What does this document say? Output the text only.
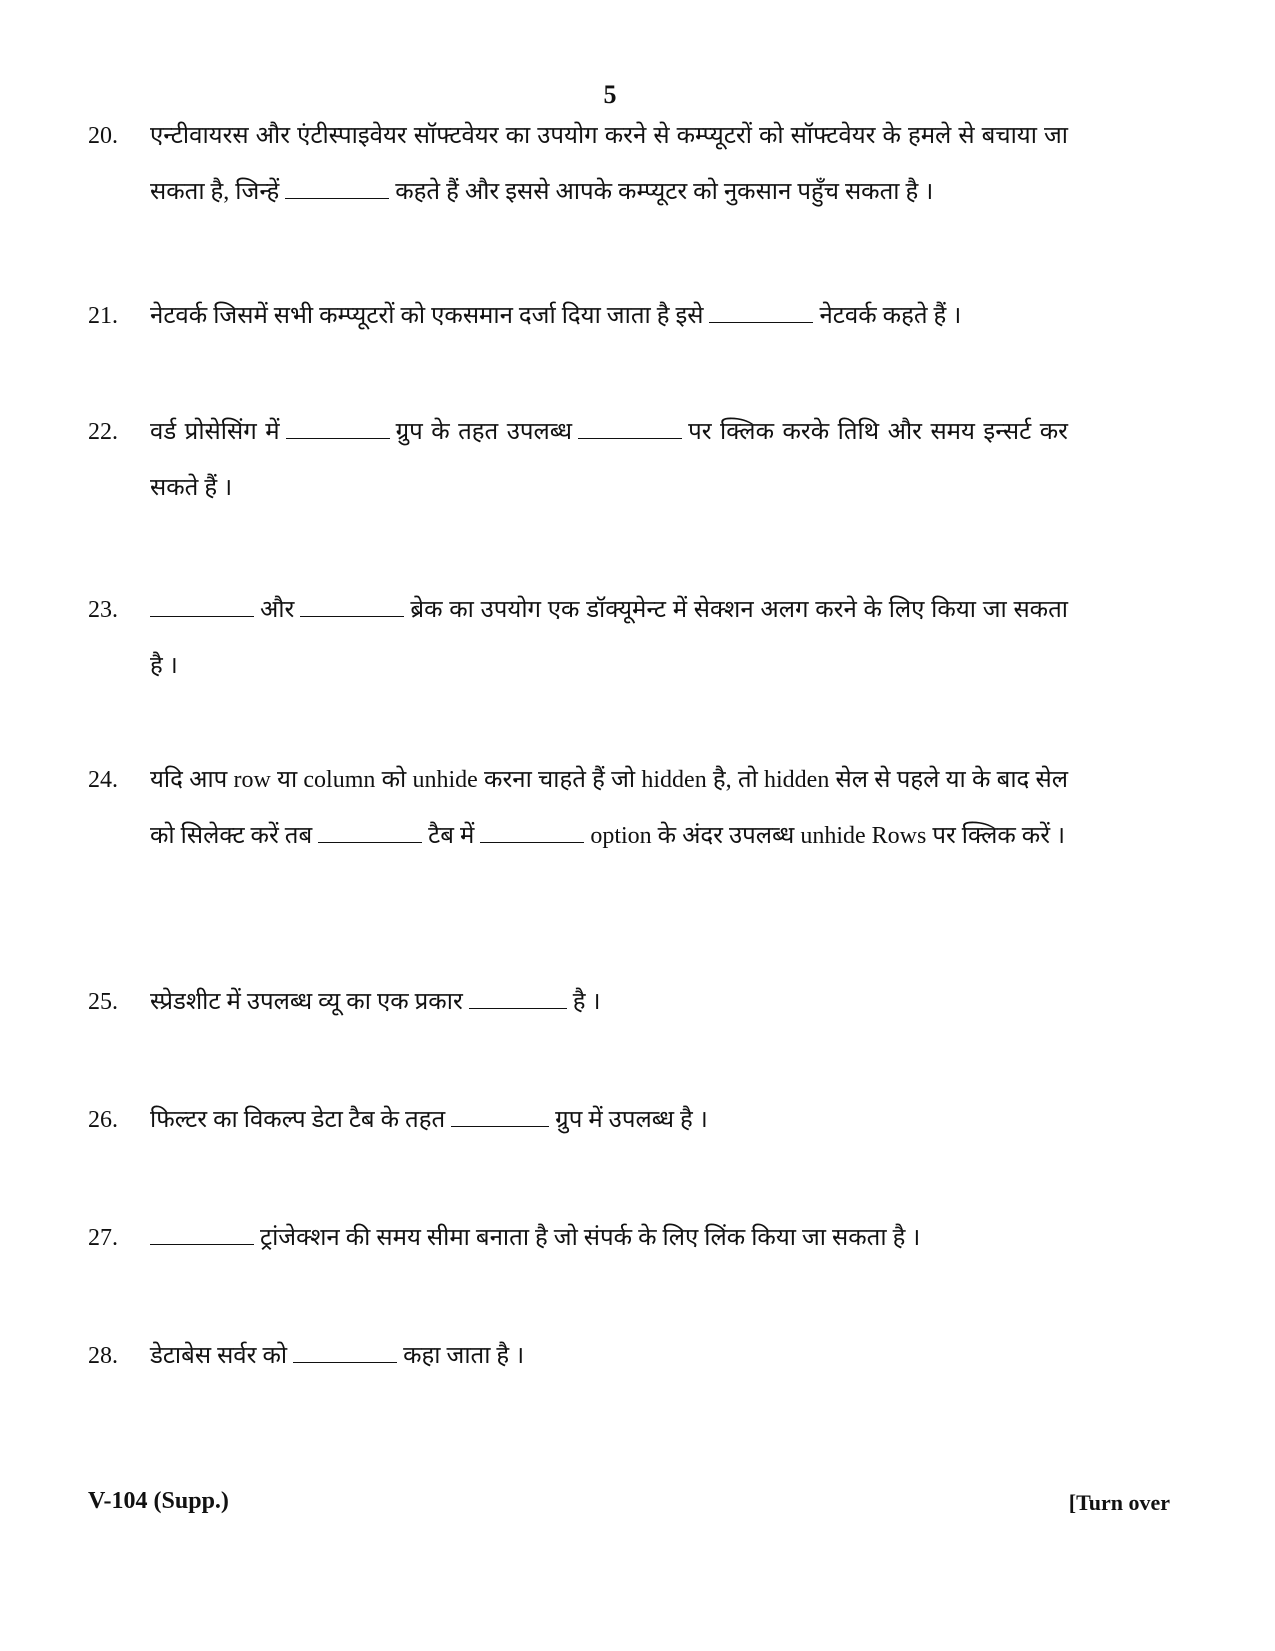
5
20.	एन्टीवायरस और एंटीस्पाइवेयर सॉफ्टवेयर का उपयोग करने से कम्प्यूटरों को सॉफ्टवेयर के हमले से बचाया जा सकता है, जिन्हें	कहते हैं और इससे आपके कम्प्यूटर को नुकसान पहुँच सकता है ।
21.	नेटवर्क जिसमें सभी कम्प्यूटरों को एकसमान दर्जा दिया जाता है इसे	नेटवर्क कहते हैं ।
22.	वर्ड प्रोसेसिंग में	ग्रुप के तहत उपलब्ध	पर क्लिक करके तिथि और समय इन्सर्ट कर सकते हैं ।
23.	और	ब्रेक का उपयोग एक डॉक्यूमेन्ट में सेक्शन अलग करने के लिए किया जा सकता है ।
24.	यदि आप row या column को unhide करना चाहते हैं जो hidden है, तो hidden सेल से पहले या के बाद सेल को सिलेक्ट करें तब	टैब में	option के अंदर उपलब्ध unhide Rows पर क्लिक करें ।
25.	स्प्रेडशीट में उपलब्ध व्यू का एक प्रकार	है ।
26.	फिल्टर का विकल्प डेटा टैब के तहत	ग्रुप में उपलब्ध है ।
27.	ट्रांजेक्शन की समय सीमा बनाता है जो संपर्क के लिए लिंक किया जा सकता है ।
28.	डेटाबेस सर्वर को	कहा जाता है ।
V-104 (Supp.)	[Turn over
